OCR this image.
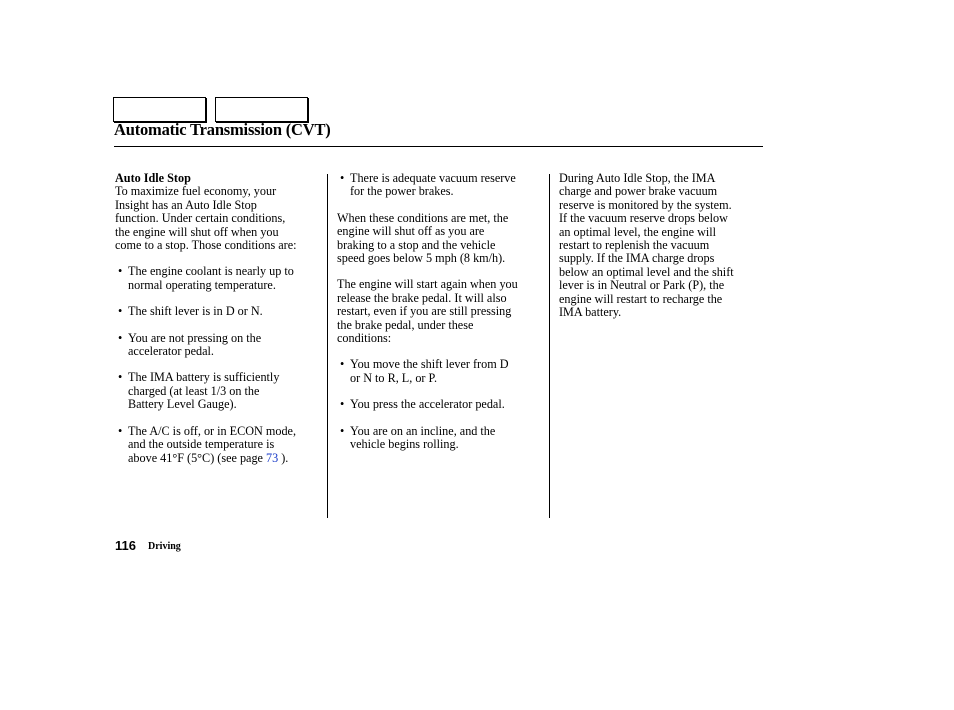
Automatic Transmission (CVT)

Auto Idle Stop

To maximize fuel economy, your
Insight has an Auto Idle Stop
function. Under certain conditions,
the engine will shut off when you
come to a stop. Those conditions are:

• The engine coolant is nearly up to
normal operating temperature.

• The shift lever is in D or N.

• You are not pressing on the
accelerator pedal.

• The IMA battery is sufficiently
charged (at least 1/3 on the
Battery Level Gauge).

• The A/C is off, or in ECON mode,
and the outside temperature is
above 41°F (5°C) (see page 73 ).

• There is adequate vacuum reserve
for the power brakes.

When these conditions are met, the
engine will shut off as you are
braking to a stop and the vehicle
speed goes below 5 mph (8 km/h).

The engine will start again when you
release the brake pedal. It will also
restart, even if you are still pressing
the brake pedal, under these
conditions:

• You move the shift lever from D
or N to R, L, or P.

• You press the accelerator pedal.

• You are on an incline, and the
vehicle begins rolling.

During Auto Idle Stop, the IMA
charge and power brake vacuum
reserve is monitored by the system.
If the vacuum reserve drops below
an optimal level, the engine will
restart to replenish the vacuum
supply. If the IMA charge drops
below an optimal level and the shift
lever is in Neutral or Park (P), the
engine will restart to recharge the
IMA battery.

116 Driving
